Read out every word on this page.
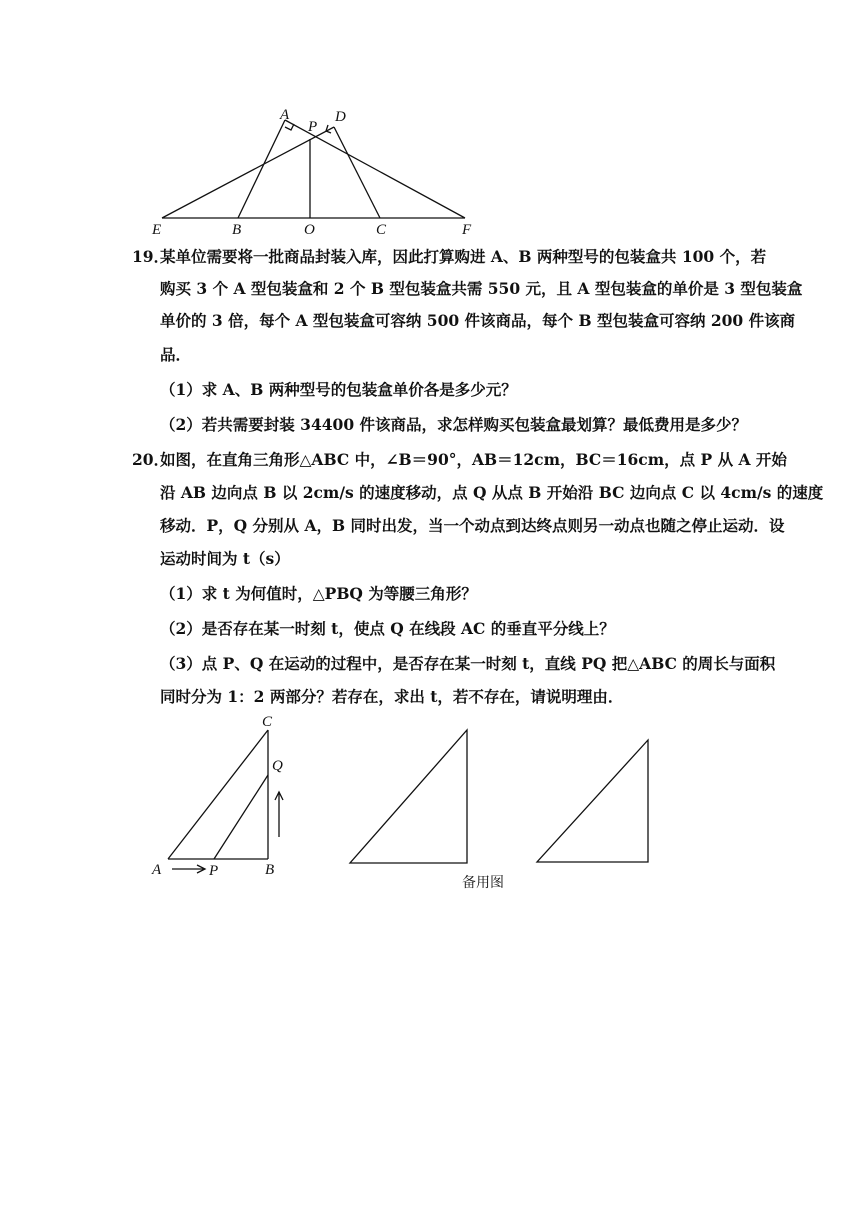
A
P
D
E	B	O	C	F
19．
某单位需要将一批商品封装入库，因此打算购进 A、B 两种型号的包装盒共 100 个，若
购买 3 个 A 型包装盒和 2 个 B 型包装盒共需 550 元，且 A 型包装盒的单价是 3 型包装盒
单价的 3 倍，每个 A 型包装盒可容纳 500 件该商品，每个 B 型包装盒可容纳 200 件该商
品．
（1）求 A、B 两种型号的包装盒单价各是多少元？
（2）若共需要封装 34400 件该商品，求怎样购买包装盒最划算？最低费用是多少？
20．
如图，在直角三角形△ABC 中，∠B＝90°，AB＝12cm，BC＝16cm，点 P 从 A 开始
沿 AB 边向点 B 以 2cm/s 的速度移动，点 Q 从点 B 开始沿 BC 边向点 C 以 4cm/s 的速度
移动．P，Q 分别从 A，B 同时出发，当一个动点到达终点则另一动点也随之停止运动．设
运动时间为 t（s）
（1）求 t 为何值时，△PBQ 为等腰三角形？
（2）是否存在某一时刻 t，使点 Q 在线段 AC 的垂直平分线上？
（3）点 P、Q 在运动的过程中，是否存在某一时刻 t，直线 PQ 把△ABC 的周长与面积
同时分为 1：2 两部分？若存在，求出 t，若不存在，请说明理由．
C
Q
A	P	B
备用图
